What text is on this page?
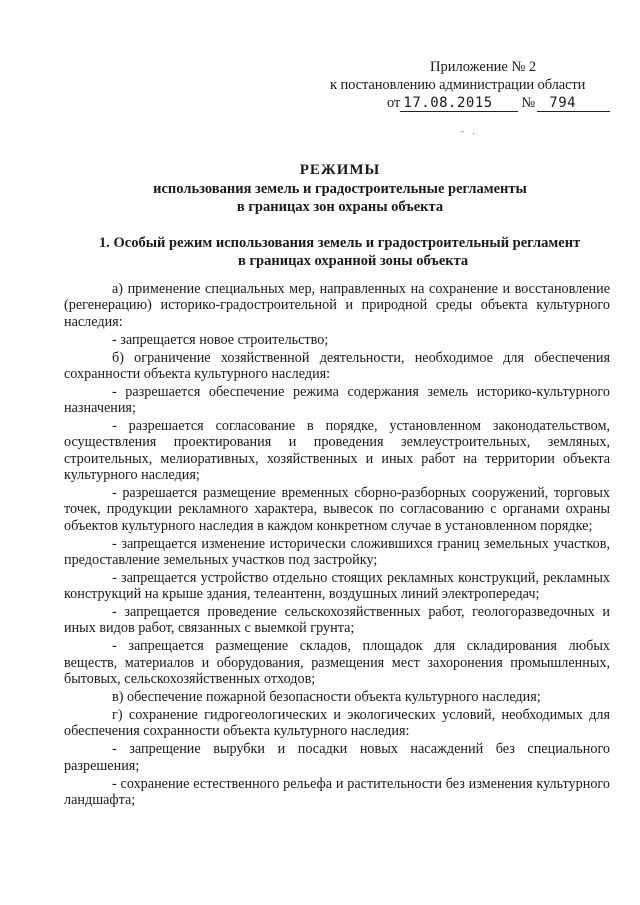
Приложение № 2
к постановлению администрации области
от 17.08.2015	№	794
- .
РЕЖИМЫ
использования земель и градостроительные регламенты
в границах зон охраны объекта
1. Особый режим использования земель и градостроительный регламент
в границах охранной зоны объекта

а) применение специальных мер, направленных на сохранение и восстановление (регенерацию) историко-градостроительной и природной среды объекта культурного наследия:

- запрещается новое строительство;

б) ограничение хозяйственной деятельности, необходимое для обеспечения сохранности объекта культурного наследия:

- разрешается обеспечение режима содержания земель историко-культурного назначения;

- разрешается согласование в порядке, установленном законодательством, осуществления проектирования и проведения землеустроительных, земляных, строительных, мелиоративных, хозяйственных и иных работ на территории объекта культурного наследия;

- разрешается размещение временных сборно-разборных сооружений, торговых точек, продукции рекламного характера, вывесок по согласованию с органами охраны объектов культурного наследия в каждом конкретном случае в установленном порядке;

- запрещается изменение исторически сложившихся границ земельных участков, предоставление земельных участков под застройку;

- запрещается устройство отдельно стоящих рекламных конструкций, рекламных конструкций на крыше здания, телеантенн, воздушных линий электропередач;

- запрещается проведение сельскохозяйственных работ, геологоразведочных и иных видов работ, связанных с выемкой грунта;

- запрещается размещение складов, площадок для складирования любых веществ, материалов и оборудования, размещения мест захоронения промышленных, бытовых, сельскохозяйственных отходов;

в) обеспечение пожарной безопасности объекта культурного наследия;

г) сохранение гидрогеологических и экологических условий, необходимых для обеспечения сохранности объекта культурного наследия:

- запрещение вырубки и посадки новых насаждений без специального разрешения;

- сохранение естественного рельефа и растительности без изменения культурного ландшафта;
